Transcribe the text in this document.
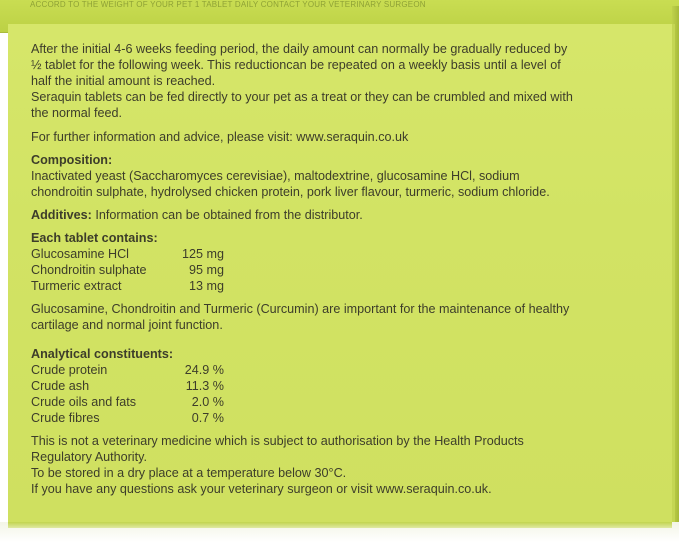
ACCORD TO THE WEIGHT OF YOUR PET 1 TABLET DAILY CONTACT YOUR VETERINARY SURGEON
After the initial 4-6 weeks feeding period, the daily amount can normally be gradually reduced by
½ tablet for the following week. This reductioncan be repeated on a weekly basis until a level of
half the initial amount is reached.
Seraquin tablets can be fed directly to your pet as a treat or they can be crumbled and mixed with
the normal feed.
For further information and advice, please visit: www.seraquin.co.uk
Composition:
Inactivated yeast (Saccharomyces cerevisiae), maltodextrine, glucosamine HCl, sodium
chondroitin sulphate, hydrolysed chicken protein, pork liver flavour, turmeric, sodium chloride.
Additives: Information can be obtained from the distributor.
Each tablet contains:
Glucosamine HCl	125 mg
Chondroitin sulphate	95 mg
Turmeric extract	13 mg
Glucosamine, Chondroitin and Turmeric (Curcumin) are important for the maintenance of healthy
cartilage and normal joint function.
Analytical constituents:
Crude protein	24.9 %
Crude ash	11.3 %
Crude oils and fats	2.0 %
Crude fibres	0.7 %
This is not a veterinary medicine which is subject to authorisation by the Health Products
Regulatory Authority.
To be stored in a dry place at a temperature below 30°C.
If you have any questions ask your veterinary surgeon or visit www.seraquin.co.uk.
